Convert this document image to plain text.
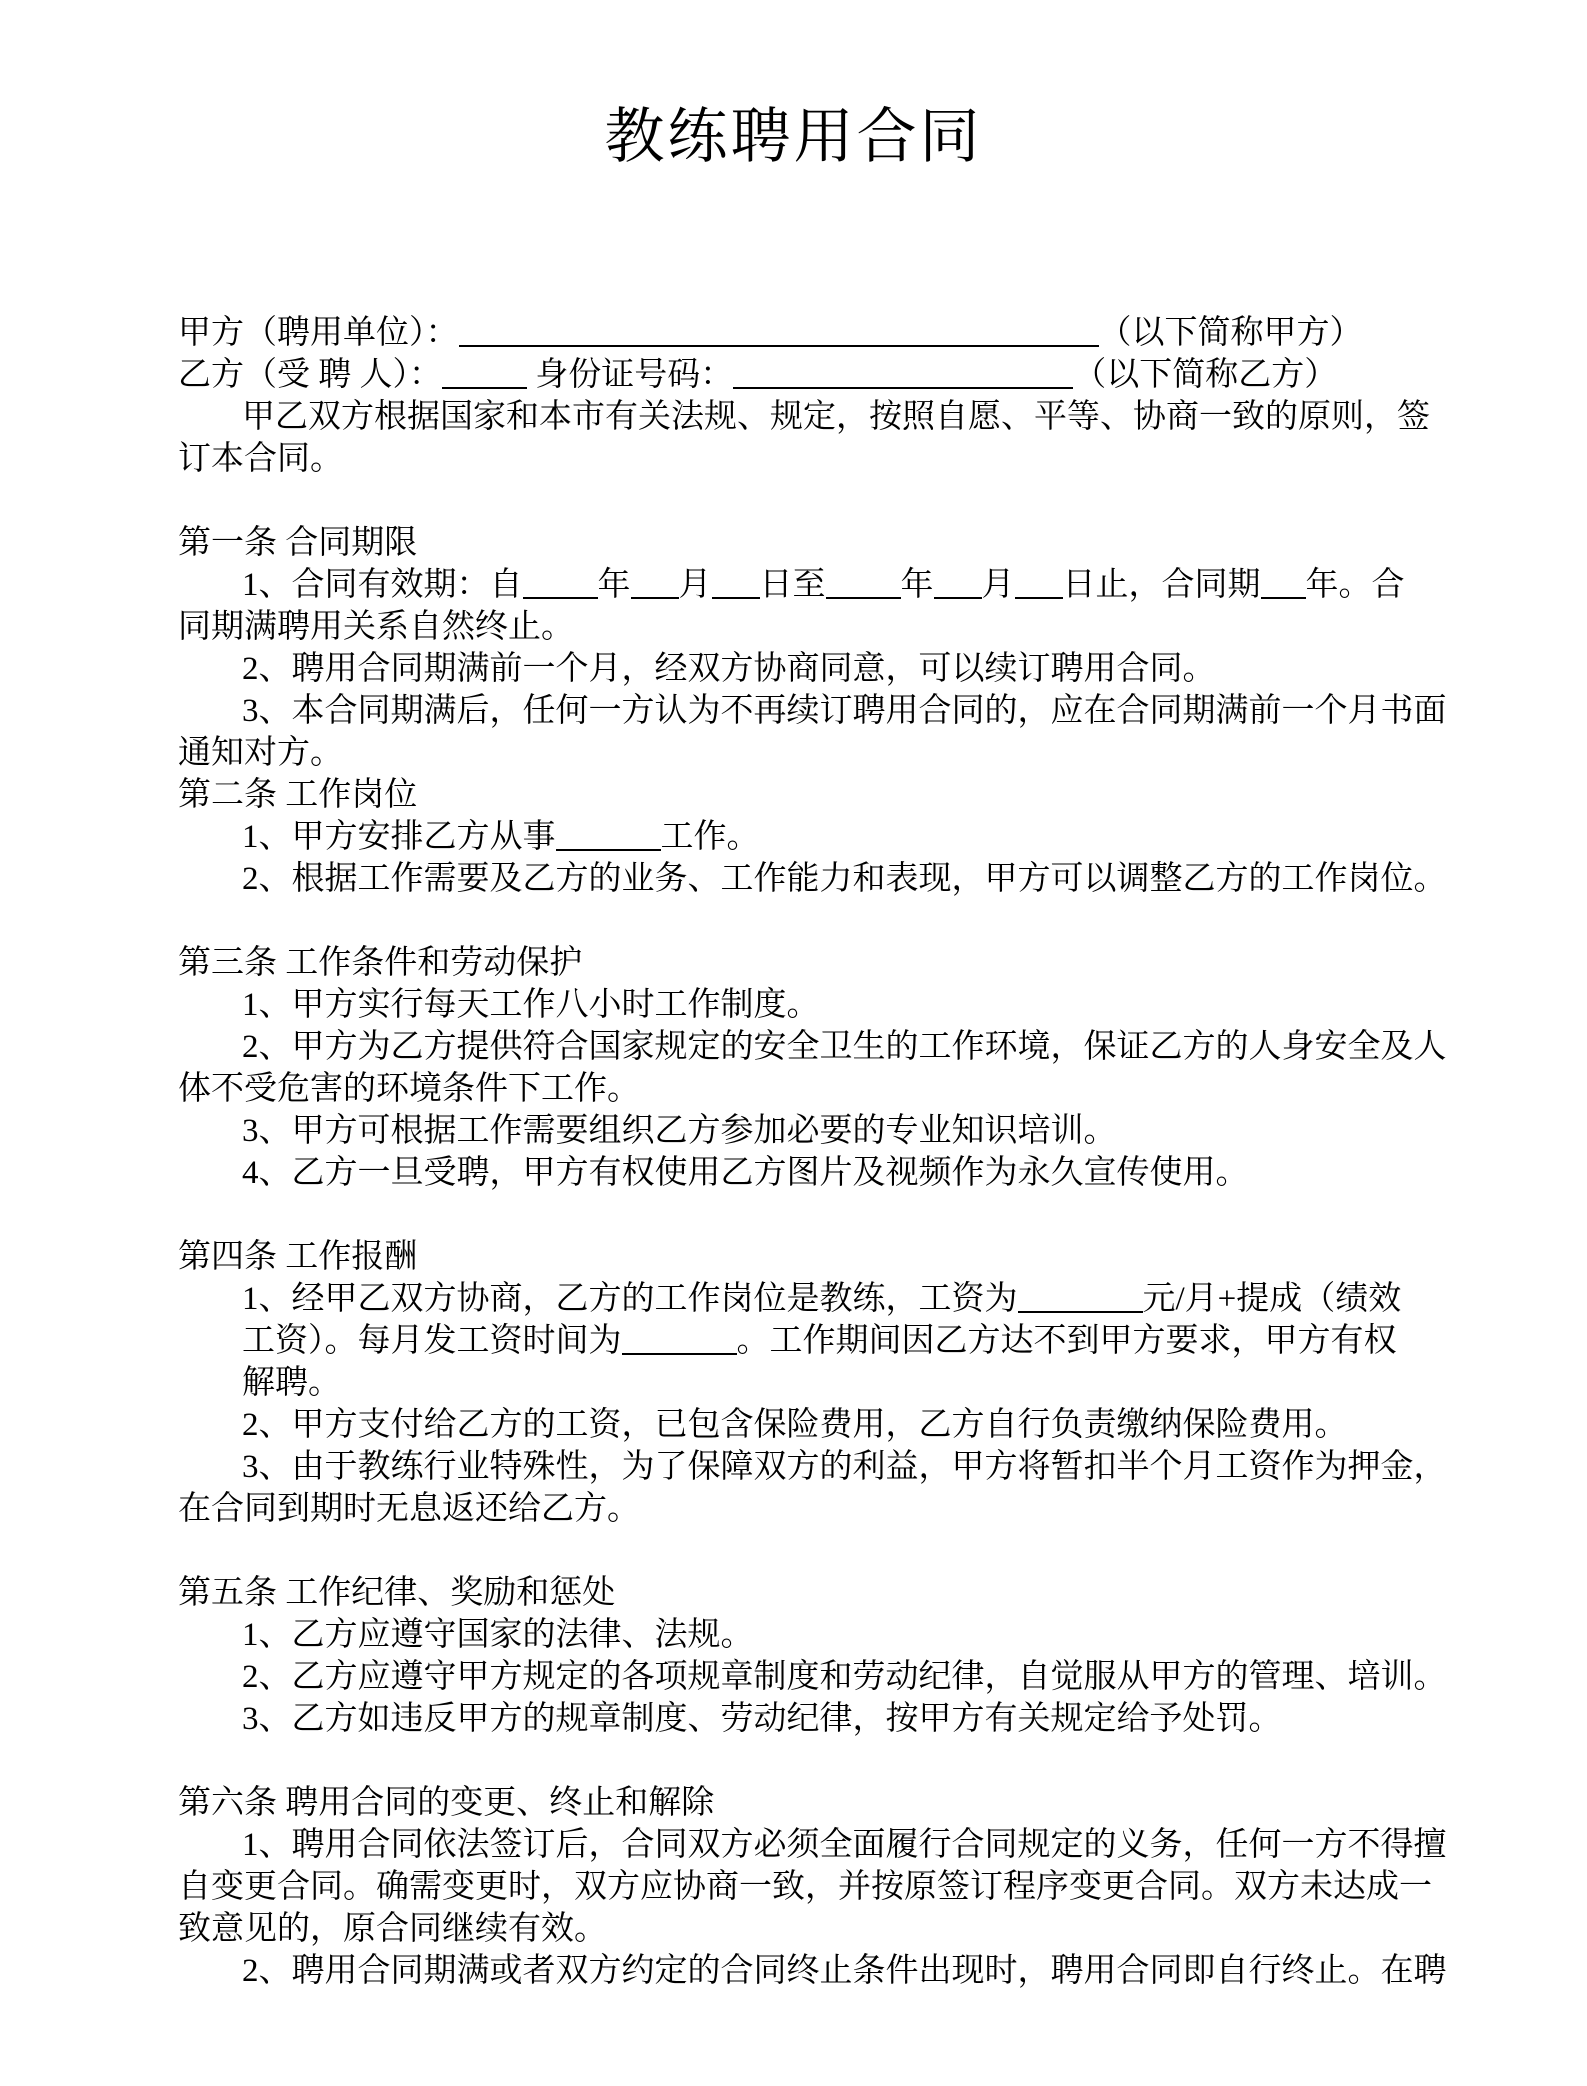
教练聘用合同
甲方（聘用单位）：	（以下简称甲方）
乙方（受 聘 人）：	身份证号码：	（以下简称乙方）
甲乙双方根据国家和本市有关法规、规定，按照自愿、平等、协商一致的原则，签
订本合同。
第一条 合同期限
1、合同有效期：自 年 月 日至 年 月 日止，合同期 年。合
同期满聘用关系自然终止。
2、聘用合同期满前一个月，经双方协商同意，可以续订聘用合同。
3、本合同期满后，任何一方认为不再续订聘用合同的，应在合同期满前一个月书面
通知对方。
第二条 工作岗位
1、甲方安排乙方从事	工作。
2、根据工作需要及乙方的业务、工作能力和表现，甲方可以调整乙方的工作岗位。
第三条 工作条件和劳动保护
1、甲方实行每天工作八小时工作制度。
2、甲方为乙方提供符合国家规定的安全卫生的工作环境，保证乙方的人身安全及人
体不受危害的环境条件下工作。
3、甲方可根据工作需要组织乙方参加必要的专业知识培训。
4、乙方一旦受聘，甲方有权使用乙方图片及视频作为永久宣传使用。
第四条 工作报酬
1、经甲乙双方协商，乙方的工作岗位是教练，工资为	元/月+提成（绩效
工资）。每月发工资时间为	。工作期间因乙方达不到甲方要求，甲方有权
解聘。
2、甲方支付给乙方的工资，已包含保险费用，乙方自行负责缴纳保险费用。
3、由于教练行业特殊性，为了保障双方的利益，甲方将暂扣半个月工资作为押金，
在合同到期时无息返还给乙方。
第五条 工作纪律、奖励和惩处
1、乙方应遵守国家的法律、法规。
2、乙方应遵守甲方规定的各项规章制度和劳动纪律，自觉服从甲方的管理、培训。
3、乙方如违反甲方的规章制度、劳动纪律，按甲方有关规定给予处罚。
第六条 聘用合同的变更、终止和解除
1、聘用合同依法签订后，合同双方必须全面履行合同规定的义务，任何一方不得擅
自变更合同。确需变更时，双方应协商一致，并按原签订程序变更合同。双方未达成一
致意见的，原合同继续有效。
2、聘用合同期满或者双方约定的合同终止条件出现时，聘用合同即自行终止。在聘
